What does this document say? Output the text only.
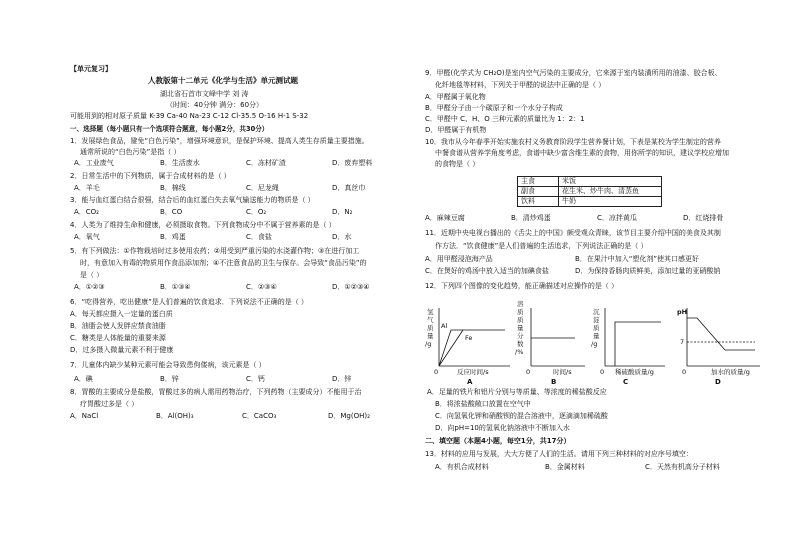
【单元复习】
人教版第十二单元《化学与生活》单元测试题
湖北省石首市文峰中学 刘 涛
（时间：40分钟 满分：60分）
可能用到的相对原子质量 K-39 Ca-40 Na-23 C-12 Cl-35.5 O-16 H-1 S-32
一、选择题（每小题只有一个选项符合题意，每小题2分，共30分）
1．发展绿色食品，避免“白色污染”，增强环境意识，是保护环境、提高人类生存质量主要措施。
通常所说的“白色污染”是指（ ）
A．工业废气	B．生活废水	C．冻材矿渣	D．废弃塑料
2．日常生活中的下列物质，属于合成材料的是（ ）
A．羊毛	B．棉线	C．尼龙绳	D．真丝巾
3．能与血红蛋白结合很强，结合后的血红蛋白失去氧气输送能力的物质是（ ）
A．CO₂	B．CO	C．O₂	D．N₂
4．人类为了维持生命和健康，必须摄取食物。下列食物成分中不属于营养素的是（ ）
A．氧气	B．鸡蛋	C．食盐	D．水
5．有下列做法：①作物栽培时过多使用农药；②用受到严重污染的水浇灌作物；③在进行加工
时，有意加入有毒的物质用作食品添加剂；④不注意食品的卫生与保存。会导致“食品污染”的
是（ ）
A．①②③	B．①③④	C．②③④	D．①②③④
6．“吃得营养，吃出健康”是人们普遍的饮食追求．下列说法不正确的是（ ）
A．每天都应摄入一定量的蛋白质
B．油脂会使人发胖应禁食油脂
C．糖类是人体能量的重要来源
D．过多摄入微量元素不利于健康
7．儿童体内缺少某种元素可能会导致患佝偻病，该元素是（ ）
A．碘	B．锌	C．钙	D．锌
8．胃酸的主要成分是盐酸，胃酸过多的病人需用药物治疗，下列药物（主要成分）不能用于治
疗胃酸过多是（ ）
A．NaCl	B．Al(OH)₃	C．CaCO₃	D．Mg(OH)₂
9．甲醛(化学式为 CH₂O)是室内空气污染的主要成分，它来源于室内装潢所用的油漆、胶合板、
化纤地毯等材料，下列关于甲醛的说法中正确的是（ ）
A．甲醛属于氧化物
B．甲醛分子由一个碳原子和一个水分子构成
C．甲醛中 C、H、O 三种元素的质量比为 1：2：1
D．甲醛属于有机物
10．我市从今年春季开始实施农村义务教育阶段学生营养餐计划，下表是某校为学生制定的营养
中餐食谱从营养学角度考虑，食谱中缺少富含维生素的食物，用你所学的知识，建议学校应增加
的食物是（ ）
主食	米饭
副食	花生米、炒牛肉、清蒸鱼
饮料	牛奶
A．麻辣豆腐	B．清炒鸡蛋	C．凉拌黄瓜	D．红烧排骨
11．近期中央电视台播出的《舌尖上的中国》颇受观众青睐，该节目主要介绍中国的美食及其制
作方法．“饮食健康”是人们普遍的生活追求，下列说法正确的是（ ）
A．用甲醛浸泡海产品	B．在果汁中加入“塑化剂”使其口感更好
C．在煲好的鸡汤中放入适当的加碘食盐	D．为保持香肠肉质鲜美，添加过量的亚硝酸钠
12．下列四个图像的变化趋势，能正确描述对应操作的是（ ）
A．足量的铁片和铝片分别与等质量、等浓度的稀盐酸反应
B．将浓盐酸敞口放置在空气中
C．向氢氧化钾和硝酸钡的混合溶液中，逐滴滴加稀硫酸
D．向pH=10的氢氧化钠溶液中不断加入水
二、填空题（本题4小题，每空1分，共17分）
13．材料的应用与发展，大大方便了人们的生活。请用下列三种材料的对应序号填空：
A．有机合成材料	B．金属材料	C．天然有机高分子材料
氢
气
质
量
/g
Al
Fe
0	反应时间/s
A
溶
质
质
量
分
数
/%
0	时间/s
B
沉
淀
质
量
/g
0 稀硫酸质量/g
C
pH
7
0	加水的质量/g
D
